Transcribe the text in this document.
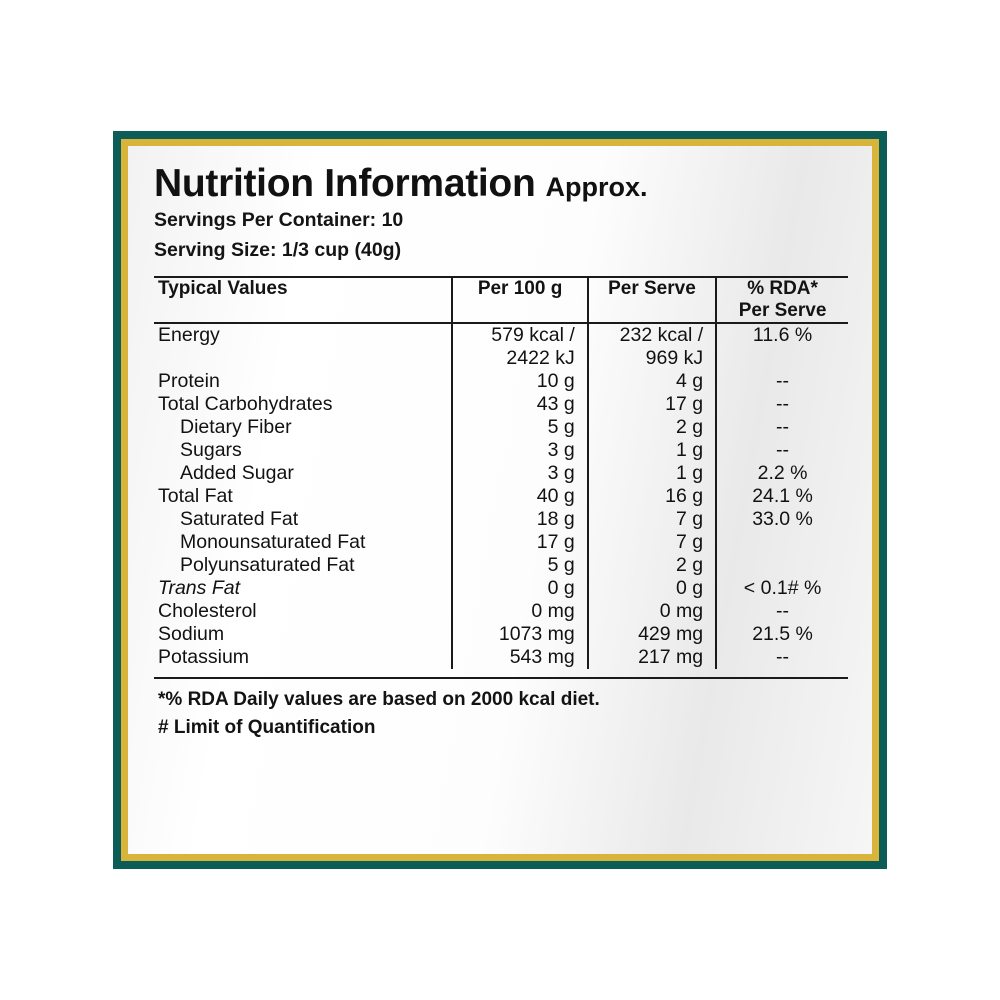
Nutrition Information Approx.
Servings Per Container: 10
Serving Size: 1/3 cup (40g)
Typical Values	Per 100 g	Per Serve	% RDA*
Per Serve

Energy	579 kcal /	232 kcal /	11.6 %
	2422 kJ	969 kJ	
Protein	10 g	4 g	--
Total Carbohydrates	43 g	17 g	--
Dietary Fiber	5 g	2 g	--
Sugars	3 g	1 g	--
Added Sugar	3 g	1 g	2.2 %
Total Fat	40 g	16 g	24.1 %
Saturated Fat	18 g	7 g	33.0 %
Monounsaturated Fat	17 g	7 g	
Polyunsaturated Fat	5 g	2 g	
Trans Fat	0 g	0 g	< 0.1# %
Cholesterol	0 mg	0 mg	--
Sodium	1073 mg	429 mg	21.5 %
Potassium	543 mg	217 mg	--
*% RDA Daily values are based on 2000 kcal diet.
# Limit of Quantification
